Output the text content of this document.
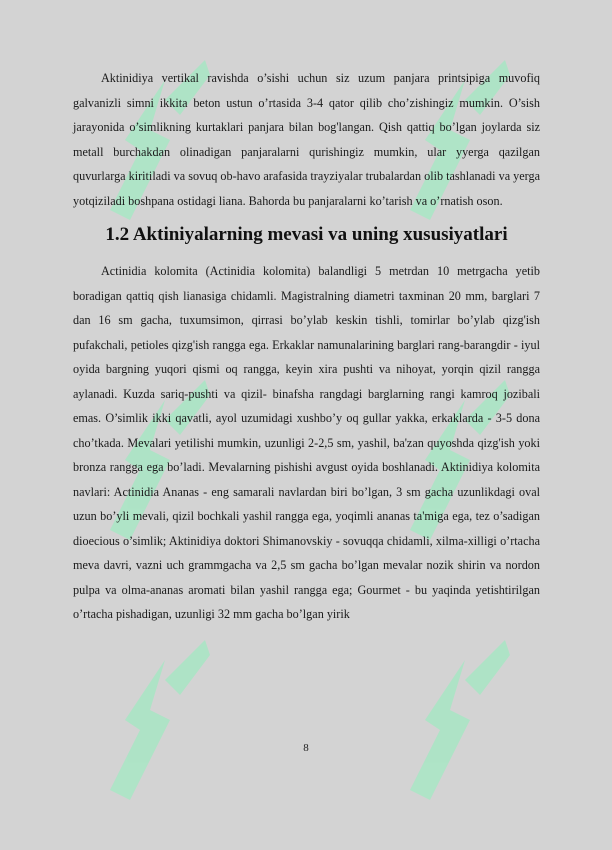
Aktinidiya vertikal ravishda o’sishi uchun siz uzum panjara printsipiga muvofiq galvanizli simni ikkita beton ustun o’rtasida 3-4 qator qilib cho’zishingiz mumkin. O’sish jarayonida o’simlikning kurtaklari panjara bilan bog'langan. Qish qattiq bo’lgan joylarda siz metall burchakdan olinadigan panjaralarni qurishingiz mumkin, ular yyerga qazilgan quvurlarga kiritiladi va sovuq ob-havo arafasida trayziyalar trubalardan olib tashlanadi va yerga yotqiziladi boshpana ostidagi liana. Bahorda bu panjaralarni ko’tarish va o’rnatish oson.

1.2 Aktiniyalarning mevasi va uning xususiyatlari

Actinidia kolomita (Actinidia kolomita) balandligi 5 metrdan 10 metrgacha yetib boradigan qattiq qish lianasiga chidamli. Magistralning diametri taxminan 20 mm, barglari 7 dan 16 sm gacha, tuxumsimon, qirrasi bo’ylab keskin tishli, tomirlar bo’ylab qizg'ish pufakchali, petioles qizg'ish rangga ega. Erkaklar namunalarining barglari rang-barangdir - iyul oyida bargning yuqori qismi oq rangga, keyin xira pushti va nihoyat, yorqin qizil rangga aylanadi. Kuzda sariq-pushti va qizil- binafsha rangdagi barglarning rangi kamroq jozibali emas. O’simlik ikki qavatli, ayol uzumidagi xushbo’y oq gullar yakka, erkaklarda - 3-5 dona cho’tkada. Mevalari yetilishi mumkin, uzunligi 2-2,5 sm, yashil, ba'zan quyoshda qizg'ish yoki bronza rangga ega bo’ladi. Mevalarning pishishi avgust oyida boshlanadi. Aktinidiya kolomita navlari: Actinidia Ananas - eng samarali navlardan biri bo’lgan, 3 sm gacha uzunlikdagi oval uzun bo’yli mevali, qizil bochkali yashil rangga ega, yoqimli ananas ta'miga ega, tez o’sadigan dioecious o’simlik; Aktinidiya doktori Shimanovskiy - sovuqqa chidamli, xilma-xilligi o’rtacha meva davri, vazni uch grammgacha va 2,5 sm gacha bo’lgan mevalar nozik shirin va nordon pulpa va olma-ananas aromati bilan yashil rangga ega; Gourmet - bu yaqinda yetishtirilgan o’rtacha pishadigan, uzunligi 32 mm gacha bo’lgan yirik

8
